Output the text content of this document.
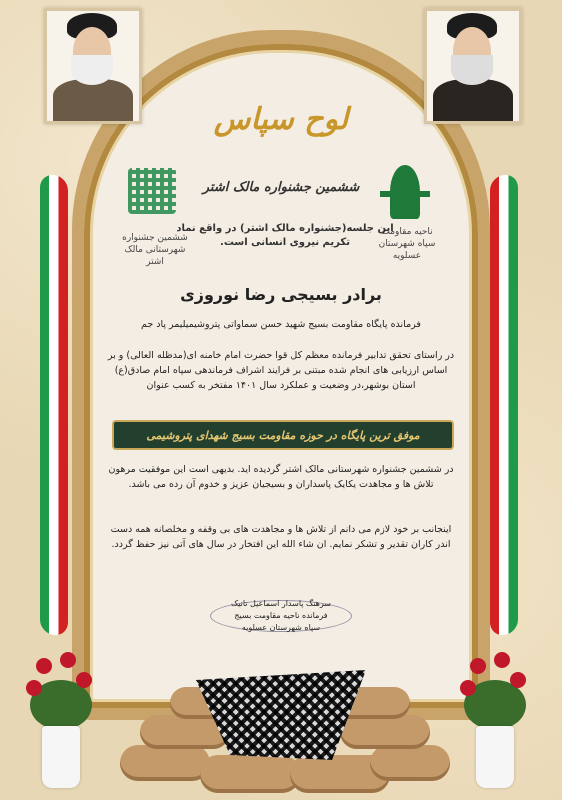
لوح سپاس
ششمین جشنواره مالک اشتر
ششمین جشنواره شهرستانی مالک اشتر
ناحیه مقاومت سپاه شهرستان عسلویه
این جلسه(جشنواره مالک اشتر) در واقع نماد تکریم نیروی انسانی است.
برادر بسیجی رضا نوروزی
فرمانده پایگاه مقاومت بسیج شهید حسن سماواتی پتروشیمیلیمر پاد جم
در راستای تحقق تدابیر فرمانده معظم کل قوا حضرت امام خامنه ای(مدظله العالی) و بر اساس ارزیابی های انجام شده مبتنی بر فرایند اشراف فرماندهی سپاه امام صادق(ع) استان بوشهر،در وضعیت و عملکرد سال ۱۴۰۱ مفتخر به کسب عنوان
موفق ترین پایگاه در حوزه مقاومت بسیج شهدای پتروشیمی
در ششمین جشنواره شهرستانی مالک اشتر گردیده اید. بدیهی است این موفقیت مرهون تلاش ها و مجاهدت یکایک پاسداران و بسیجیان عزیز و خدوم آن رده می باشد.
اینجانب بر خود لازم می دانم از تلاش ها و مجاهدت های بی وقفه و مخلصانه همه دست اندر کاران تقدیر و تشکر نمایم. ان شاء الله این افتخار در سال های آتی نیز حفظ گردد.
سرهنگ پاسدار اسماعیل تانیک
فرمانده ناحیه مقاومت بسیج
سپاه شهرستان عسلویه
